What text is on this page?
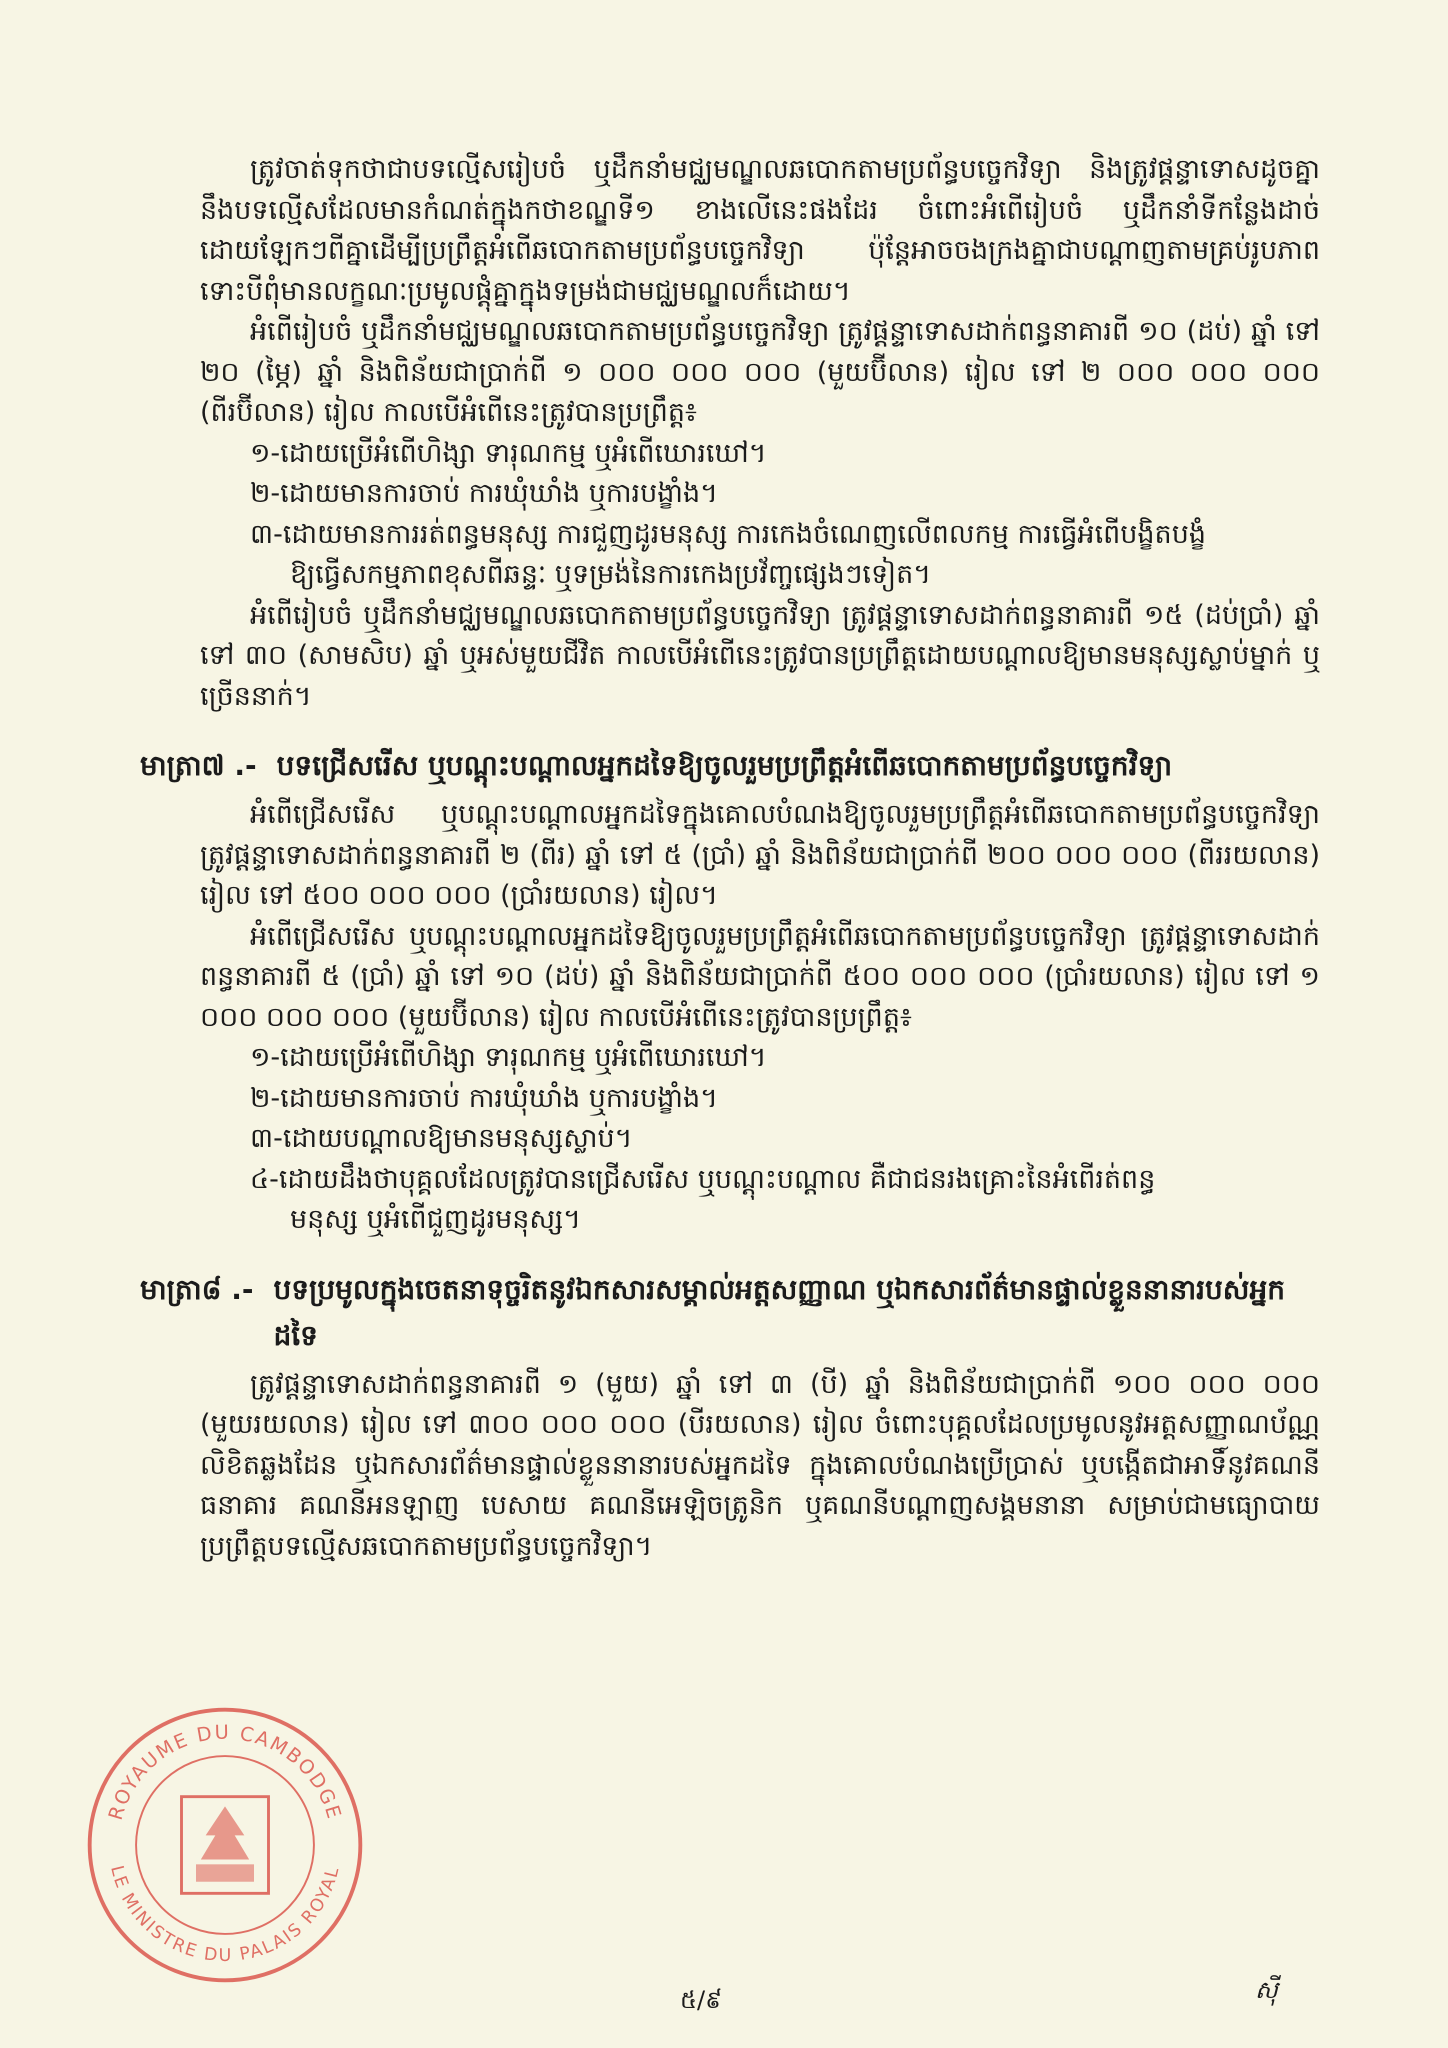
ត្រូវចាត់ទុកថាជាបទល្មើសរៀបចំ ឬដឹកនាំមជ្ឈមណ្ឌលឆបោកតាមប្រព័ន្ធបច្ចេកវិទ្យា និងត្រូវផ្តន្ទាទោសដូចគ្នានឹងបទល្មើសដែលមានកំណត់ក្នុងកថាខណ្ឌទី១ ខាងលើនេះផងដែរ ចំពោះអំពើរៀបចំ ឬដឹកនាំទីកន្លែងដាច់ដោយឡែកៗពីគ្នាដើម្បីប្រព្រឹត្តអំពើឆបោកតាមប្រព័ន្ធបច្ចេកវិទ្យា ប៉ុន្តែអាចចងក្រងគ្នាជាបណ្តាញតាមគ្រប់រូបភាព ទោះបីពុំមានលក្ខណៈប្រមូលផ្តុំគ្នាក្នុងទម្រង់ជាមជ្ឈមណ្ឌលក៏ដោយ។

អំពើរៀបចំ ឬដឹកនាំមជ្ឈមណ្ឌលឆបោកតាមប្រព័ន្ធបច្ចេកវិទ្យា ត្រូវផ្តន្ទាទោសដាក់ពន្ធនាគារពី ១០ (ដប់) ឆ្នាំ ទៅ ២០ (ម្ភៃ) ឆ្នាំ និងពិន័យជាប្រាក់ពី ១ ០០០ ០០០ ០០០ (មួយប៊ីលាន) រៀល ទៅ ២ ០០០ ០០០ ០០០ (ពីរប៊ីលាន) រៀល កាលបើអំពើនេះត្រូវបានប្រព្រឹត្ត៖

១-ដោយប្រើអំពើហិង្សា ទារុណកម្ម ឬអំពើឃោរឃៅ។

២-ដោយមានការចាប់ ការឃុំឃាំង ឬការបង្ខាំង។

៣-ដោយមានការរត់ពន្ធមនុស្ស ការជួញដូរមនុស្ស ការកេងចំណេញលើពលកម្ម ការធ្វើអំពើបង្ខិតបង្ខំ
ឱ្យធ្វើសកម្មភាពខុសពីឆន្ទៈ ឬទម្រង់នៃការកេងប្រវ័ញ្ចផ្សេងៗទៀត។

អំពើរៀបចំ ឬដឹកនាំមជ្ឈមណ្ឌលឆបោកតាមប្រព័ន្ធបច្ចេកវិទ្យា ត្រូវផ្តន្ទាទោសដាក់ពន្ធនាគារពី ១៥ (ដប់ប្រាំ) ឆ្នាំ ទៅ ៣០ (សាមសិប) ឆ្នាំ ឬអស់មួយជីវិត កាលបើអំពើនេះត្រូវបានប្រព្រឹត្តដោយបណ្តាលឱ្យមានមនុស្សស្លាប់ម្នាក់ ឬច្រើននាក់។

មាត្រា៧ .- បទជ្រើសរើស ឬបណ្តុះបណ្តាលអ្នកដទៃឱ្យចូលរួមប្រព្រឹត្តអំពើឆបោកតាមប្រព័ន្ធបច្ចេកវិទ្យា

អំពើជ្រើសរើស ឬបណ្តុះបណ្តាលអ្នកដទៃក្នុងគោលបំណងឱ្យចូលរួមប្រព្រឹត្តអំពើឆបោកតាមប្រព័ន្ធបច្ចេកវិទ្យា ត្រូវផ្តន្ទាទោសដាក់ពន្ធនាគារពី ២ (ពីរ) ឆ្នាំ ទៅ ៥ (ប្រាំ) ឆ្នាំ និងពិន័យជាប្រាក់ពី ២០០ ០០០ ០០០ (ពីររយលាន) រៀល ទៅ ៥០០ ០០០ ០០០ (ប្រាំរយលាន) រៀល។

អំពើជ្រើសរើស ឬបណ្តុះបណ្តាលអ្នកដទៃឱ្យចូលរួមប្រព្រឹត្តអំពើឆបោកតាមប្រព័ន្ធបច្ចេកវិទ្យា ត្រូវផ្តន្ទាទោសដាក់ពន្ធនាគារពី ៥ (ប្រាំ) ឆ្នាំ ទៅ ១០ (ដប់) ឆ្នាំ និងពិន័យជាប្រាក់ពី ៥០០ ០០០ ០០០ (ប្រាំរយលាន) រៀល ទៅ ១ ០០០ ០០០ ០០០ (មួយប៊ីលាន) រៀល កាលបើអំពើនេះត្រូវបានប្រព្រឹត្ត៖

១-ដោយប្រើអំពើហិង្សា ទារុណកម្ម ឬអំពើឃោរឃៅ។

២-ដោយមានការចាប់ ការឃុំឃាំង ឬការបង្ខាំង។

៣-ដោយបណ្តាលឱ្យមានមនុស្សស្លាប់។

៤-ដោយដឹងថាបុគ្គលដែលត្រូវបានជ្រើសរើស ឬបណ្តុះបណ្តាល គឺជាជនរងគ្រោះនៃអំពើរត់ពន្ធ
មនុស្ស ឬអំពើជួញដូរមនុស្ស។

មាត្រា៨ .- បទប្រមូលក្នុងចេតនាទុច្ចរិតនូវឯកសារសម្គាល់អត្តសញ្ញាណ ឬឯកសារព័ត៌មានផ្ទាល់ខ្លួននានារបស់អ្នកដទៃ

ត្រូវផ្តន្ទាទោសដាក់ពន្ធនាគារពី ១ (មួយ) ឆ្នាំ ទៅ ៣ (បី) ឆ្នាំ និងពិន័យជាប្រាក់ពី ១០០ ០០០ ០០០ (មួយរយលាន) រៀល ទៅ ៣០០ ០០០ ០០០ (បីរយលាន) រៀល ចំពោះបុគ្គលដែលប្រមូលនូវអត្តសញ្ញាណប័ណ្ណ លិខិតឆ្លងដែន ឬឯកសារព័ត៌មានផ្ទាល់ខ្លួននានារបស់អ្នកដទៃ ក្នុងគោលបំណងប្រើប្រាស់ ឬបង្កើតជាអាទិ៍នូវគណនីធនាគារ គណនីអនឡាញ បេសាយ គណនីអេឡិចត្រូនិក ឬគណនីបណ្តាញសង្គមនានា សម្រាប់ជាមធ្យោបាយប្រព្រឹត្តបទល្មើសឆបោកតាមប្រព័ន្ធបច្ចេកវិទ្យា។

ROYAUME DU CAMBODGE
LE MINISTRE DU PALAIS ROYAL
៥/៩	ស៊ី
